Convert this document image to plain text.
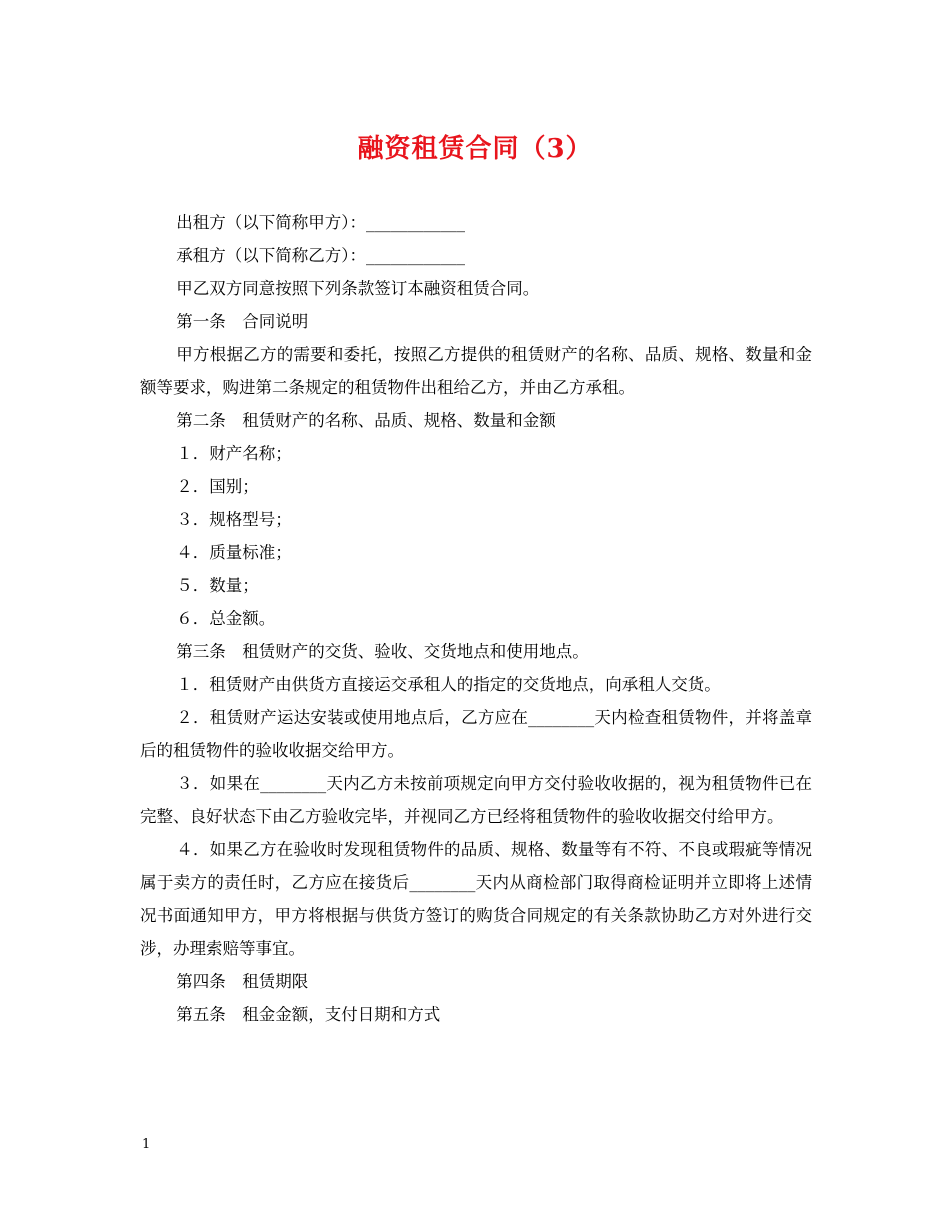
融资租赁合同（3）

出租方（以下简称甲方）：____________

承租方（以下简称乙方）：____________

甲乙双方同意按照下列条款签订本融资租赁合同。

第一条　合同说明

甲方根据乙方的需要和委托，按照乙方提供的租赁财产的名称、品质、规格、数量和金额等要求，购进第二条规定的租赁物件出租给乙方，并由乙方承租。

第二条　租赁财产的名称、品质、规格、数量和金额

１．财产名称；

２．国别；

３．规格型号；

４．质量标准；

５．数量；

６．总金额。

第三条　租赁财产的交货、验收、交货地点和使用地点。

１．租赁财产由供货方直接运交承租人的指定的交货地点，向承租人交货。

２．租赁财产运达安装或使用地点后，乙方应在________天内检查租赁物件，并将盖章后的租赁物件的验收收据交给甲方。

３．如果在________天内乙方未按前项规定向甲方交付验收收据的，视为租赁物件已在完整、良好状态下由乙方验收完毕，并视同乙方已经将租赁物件的验收收据交付给甲方。

４．如果乙方在验收时发现租赁物件的品质、规格、数量等有不符、不良或瑕疵等情况属于卖方的责任时，乙方应在接货后________天内从商检部门取得商检证明并立即将上述情况书面通知甲方，甲方将根据与供货方签订的购货合同规定的有关条款协助乙方对外进行交涉，办理索赔等事宜。

第四条　租赁期限

第五条　租金金额，支付日期和方式

1
